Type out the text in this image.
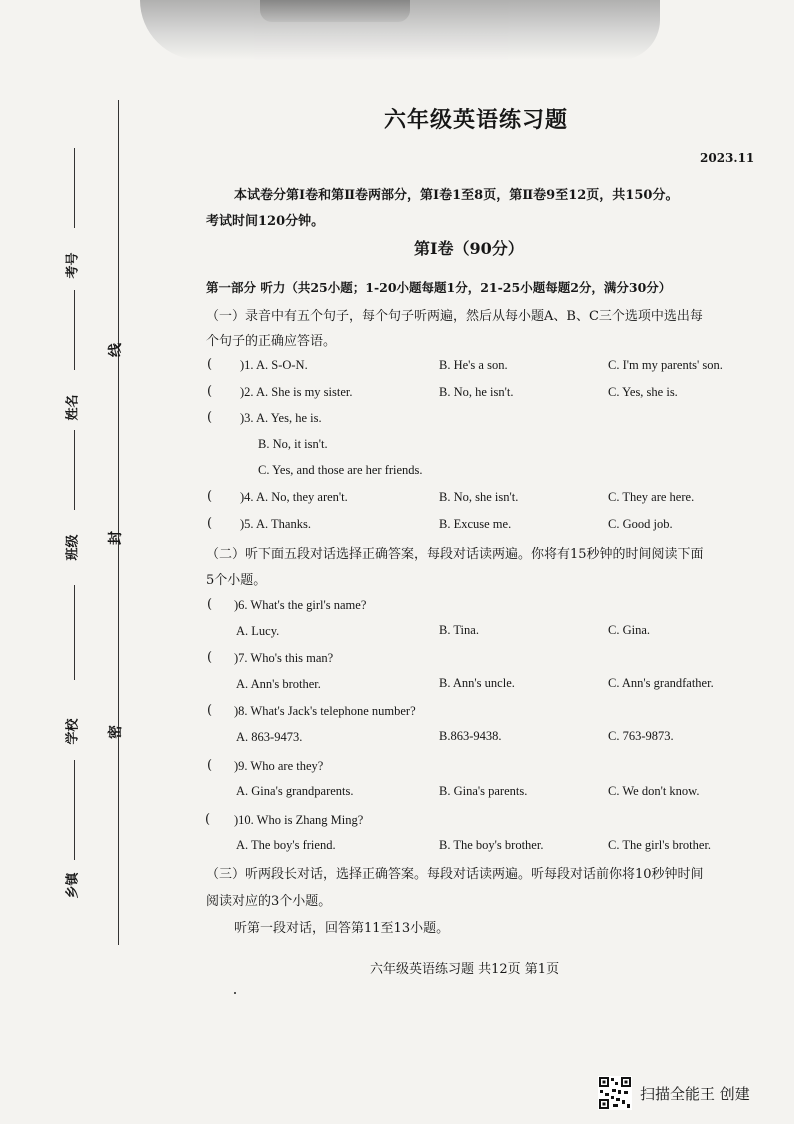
考号
姓名
班级
学校
乡镇
线
封
密
六年级英语练习题
2023.11
本试卷分第Ⅰ卷和第Ⅱ卷两部分，第Ⅰ卷1至8页，第Ⅱ卷9至12页，共150分。
考试时间120分钟。
第Ⅰ卷（90分）
第一部分 听力（共25小题；1-20小题每题1分，21-25小题每题2分，满分30分）
（一）录音中有五个句子，每个句子听两遍，然后从每小题A、B、C三个选项中选出每
个句子的正确应答语。
( )1. A. S-O-N.	B. He's a son.	C. I'm my parents' son.
( )2. A. She is my sister.	B. No, he isn't.	C. Yes, she is.
( )3. A. Yes, he is.
B. No, it isn't.
C. Yes, and those are her friends.
( )4. A. No, they aren't.	B. No, she isn't.	C. They are here.
( )5. A. Thanks.	B. Excuse me.	C. Good job.
（二）听下面五段对话选择正确答案，每段对话读两遍。你将有15秒钟的时间阅读下面
5个小题。
( )6. What's the girl's name?
A. Lucy.	B. Tina.	C. Gina.
( )7. Who's this man?
A. Ann's brother.	B. Ann's uncle.	C. Ann's grandfather.
( )8. What's Jack's telephone number?
A. 863-9473.	B.863-9438.	C. 763-9873.
( )9. Who are they?
A. Gina's grandparents.	B. Gina's parents.	C. We don't know.
( )10. Who is Zhang Ming?
A. The boy's friend.	B. The boy's brother.	C. The girl's brother.
（三）听两段长对话，选择正确答案。每段对话读两遍。听每段对话前你将10秒钟时间
阅读对应的3个小题。
听第一段对话，回答第11至13小题。
六年级英语练习题 共12页 第1页
扫描全能王 创建
